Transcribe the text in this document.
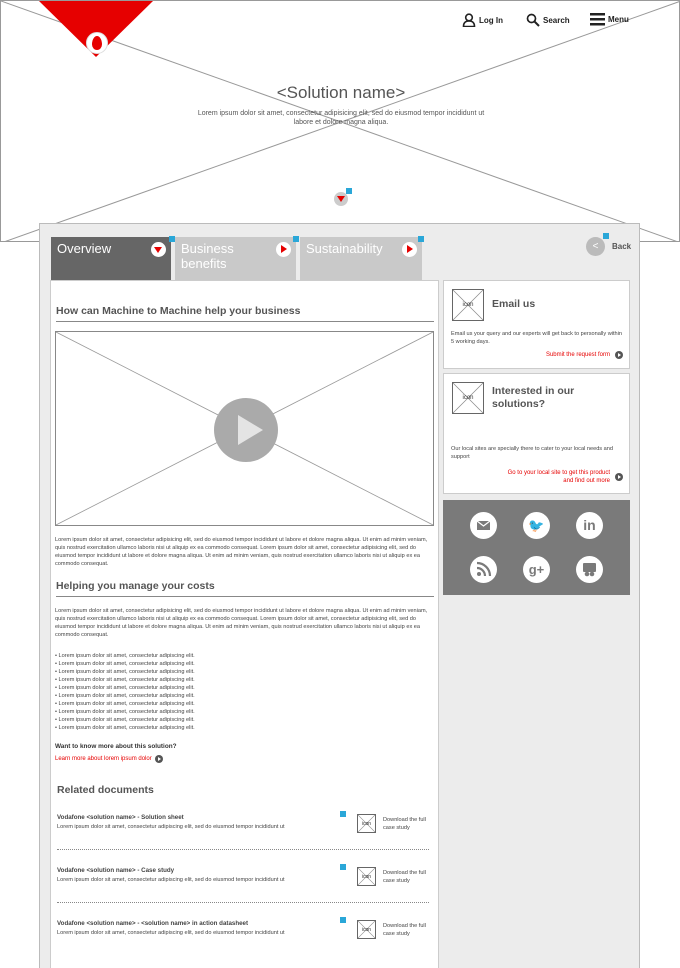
Log In	Search	Menu
<Solution name>
Lorem ipsum dolor sit amet, consectetur adipisicing elit, sed do eiusmod tempor incididunt ut labore et dolore magna aliqua.
Overview	Business benefits
Sustainability	<	Back
How can Machine to Machine help your business
Lorem ipsum dolor sit amet, consectetur adipisicing elit, sed do eiusmod tempor incididunt ut labore et dolore magna aliqua. Ut enim ad minim veniam, quis nostrud exercitation ullamco laboris nisi ut aliquip ex ea commodo consequat. Lorem ipsum dolor sit amet, consectetur adipisicing elit, sed do eiusmod tempor incididunt ut labore et dolore magna aliqua. Ut enim ad minim veniam, quis nostrud exercitation ullamco laboris nisi ut aliquip ex ea commodo consequat.
Helping you manage your costs
Lorem ipsum dolor sit amet, consectetur adipisicing elit, sed do eiusmod tempor incididunt ut labore et dolore magna aliqua. Ut enim ad minim veniam, quis nostrud exercitation ullamco laboris nisi ut aliquip ex ea commodo consequat. Lorem ipsum dolor sit amet, consectetur adipisicing elit, sed do eiusmod tempor incididunt ut labore et dolore magna aliqua. Ut enim ad minim veniam, quis nostrud exercitation ullamco laboris nisi ut aliquip ex ea commodo consequat.
• Lorem ipsum dolor sit amet, consectetur adipiscing elit.
• Lorem ipsum dolor sit amet, consectetur adipiscing elit.
• Lorem ipsum dolor sit amet, consectetur adipiscing elit.
• Lorem ipsum dolor sit amet, consectetur adipiscing elit.
• Lorem ipsum dolor sit amet, consectetur adipiscing elit.
• Lorem ipsum dolor sit amet, consectetur adipiscing elit.
• Lorem ipsum dolor sit amet, consectetur adipiscing elit.
• Lorem ipsum dolor sit amet, consectetur adipiscing elit.
• Lorem ipsum dolor sit amet, consectetur adipiscing elit.
• Lorem ipsum dolor sit amet, consectetur adipiscing elit.
Want to know more about this solution?
Learn more about lorem ipsum dolor
Related documents
Vodafone <solution name> - Solution sheet
Lorem ipsum dolor sit amet, consectetur adipiscing elit, sed do eiusmod tempor incididunt ut	icon
Download the full case study
Vodafone <solution name> - Case study
Lorem ipsum dolor sit amet, consectetur adipiscing elit, sed do eiusmod tempor incididunt ut	icon
Download the full case study
Vodafone <solution name> - <solution name> in action datasheet
Lorem ipsum dolor sit amet, consectetur adipiscing elit, sed do eiusmod tempor incididunt ut	icon
Download the full case study
icon	Email us
Email us your query and our experts will get back to personally within 5 working days.
Submit the request form
icon
Interested in our solutions?
Our local sites are specially there to cater to your local needs and support
Go to your local site to get this product and find out more
🐦	in
g+
